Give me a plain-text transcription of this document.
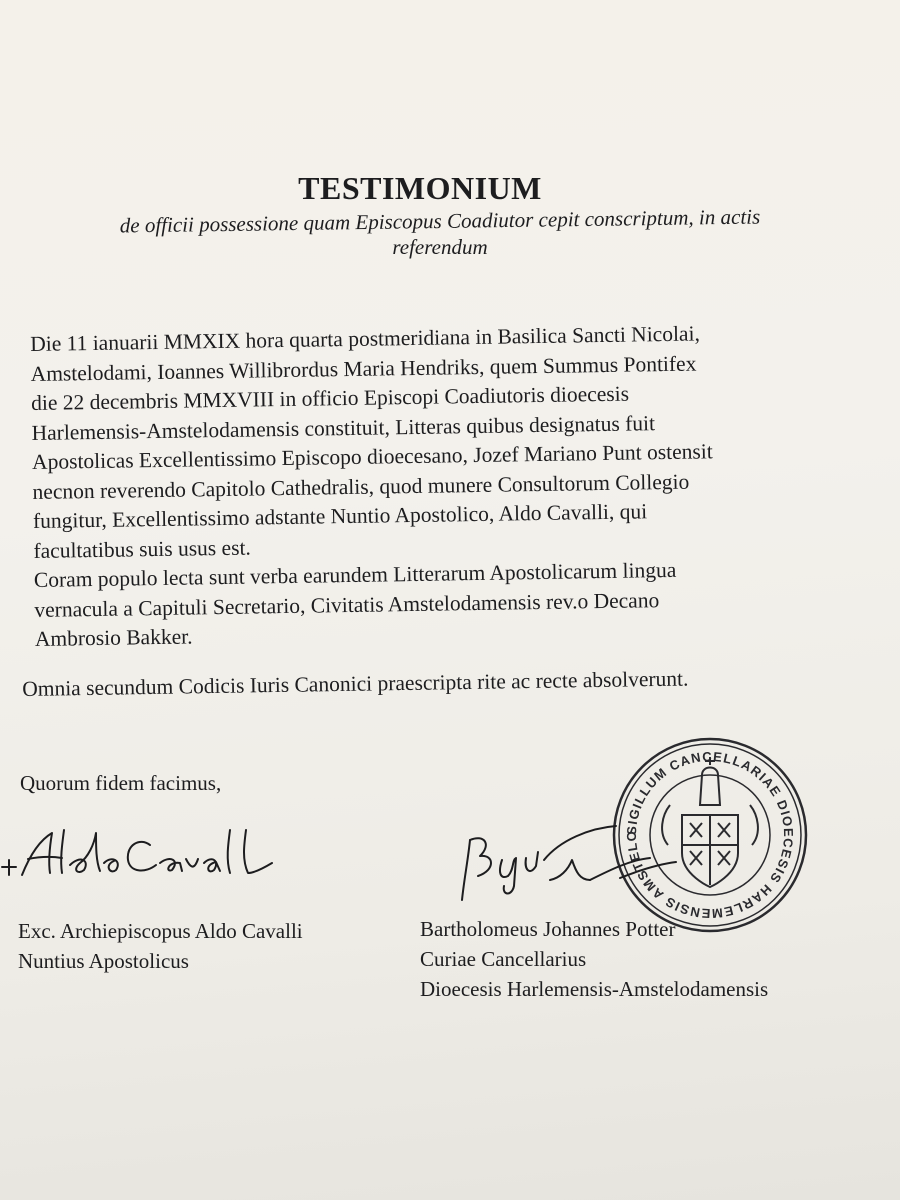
TESTIMONIUM
de officii possessione quam Episcopus Coadiutor cepit conscriptum, in actis
referendum
Die 11 ianuarii MMXIX hora quarta postmeridiana in Basilica Sancti Nicolai,
Amstelodami, Ioannes Willibrordus Maria Hendriks, quem Summus Pontifex
die 22 decembris MMXVIII in officio Episcopi Coadiutoris dioecesis
Harlemensis-Amstelodamensis constituit, Litteras quibus designatus fuit
Apostolicas Excellentissimo Episcopo dioecesano, Jozef Mariano Punt ostensit
necnon reverendo Capitolo Cathedralis, quod munere Consultorum Collegio
fungitur, Excellentissimo adstante Nuntio Apostolico, Aldo Cavalli, qui
facultatibus suis usus est.
Coram populo lecta sunt verba earundem Litterarum Apostolicarum lingua
vernacula a Capituli Secretario, Civitatis Amstelodamensis rev.o Decano
Ambrosio Bakker.
Omnia secundum Codicis Iuris Canonici praescripta rite ac recte absolverunt.
Quorum fidem facimus,
Exc. Archiepiscopus Aldo Cavalli
Nuntius Apostolicus
SIGILLUM CANCELLARIAE DIOECESIS HARLEMENSIS AMSTELODAMENSIS
Bartholomeus Johannes Potter
Curiae Cancellarius
Dioecesis Harlemensis-Amstelodamensis
